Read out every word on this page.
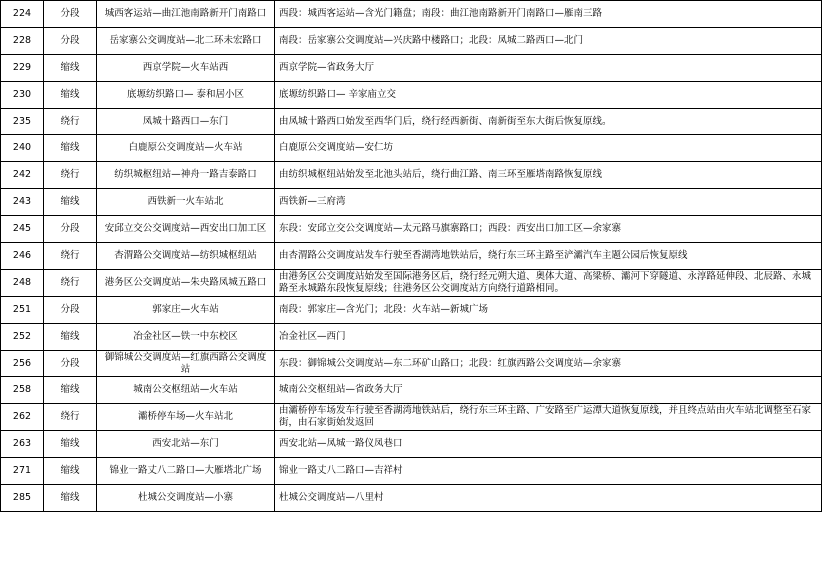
224	分段	城西客运站—曲江池南路新开门南路口	西段：城西客运站—含光门籍盘；南段：曲江池南路新开门南路口—雁南三路
228	分段	岳家寨公交调度站—北二环未宏路口	南段：岳家寨公交调度站—兴庆路中楼路口；北段：凤城二路西口—北门
229	缩线	西京学院—火车站西	西京学院—省政务大厅
230	缩线	底塬纺织路口— 泰和居小区	底塬纺织路口— 辛家庙立交
235	绕行	凤城十路西口—东门	由凤城十路西口始发至西华门后，绕行经西新街、南新街至东大街后恢复原线。
240	缩线	白鹿原公交调度站—火车站	白鹿原公交调度站—安仁坊
242	绕行	纺织城枢纽站—神舟一路吉泰路口	由纺织城枢纽站始发至北池头站后，绕行曲江路、南三环至雁塔南路恢复原线
243	缩线	西铁新一火车站北	西铁新—三府湾
245	分段	安邱立交公交调度站—西安出口加工区	东段：安邱立交公交调度站—太元路马旗寨路口；西段：西安出口加工区—余家寨
246	绕行	杏渭路公交调度站—纺织城枢纽站	由杏渭路公交调度站发车行驶至香湖湾地铁站后，绕行东三环主路至浐灞汽车主题公园后恢复原线
248	绕行	港务区公交调度站—朱央路凤城五路口	由港务区公交调度站始发至国际港务区后，绕行经元朔大道、奥体大道、高梁桥、灞河下穿隧道、永淳路延伸段、北辰路、永城路至永城路东段恢复原线；往港务区公交调度站方向绕行道路相同。
251	分段	郭家庄—火车站	南段：郭家庄—含光门；北段：火车站—新城广场
252	缩线	冶金社区—铁一中东校区	冶金社区—西门
256	分段	御锦城公交调度站—红旗西路公交调度站	东段：御锦城公交调度站—东二环矿山路口；北段：红旗西路公交调度站—余家寨
258	缩线	城南公交枢纽站—火车站	城南公交枢纽站—省政务大厅
262	绕行	灞桥停车场—火车站北	由灞桥停车场发车行驶至香湖湾地铁站后，绕行东三环主路、广安路至广运潭大道恢复原线，并且终点站由火车站北调整至石家街，由石家街始发返回
263	缩线	西安北站—东门	西安北站—凤城一路仪凤巷口
271	缩线	锦业一路丈八二路口—大雁塔北广场	锦业一路丈八二路口—吉祥村
285	缩线	杜城公交调度站—小寨	杜城公交调度站—八里村
